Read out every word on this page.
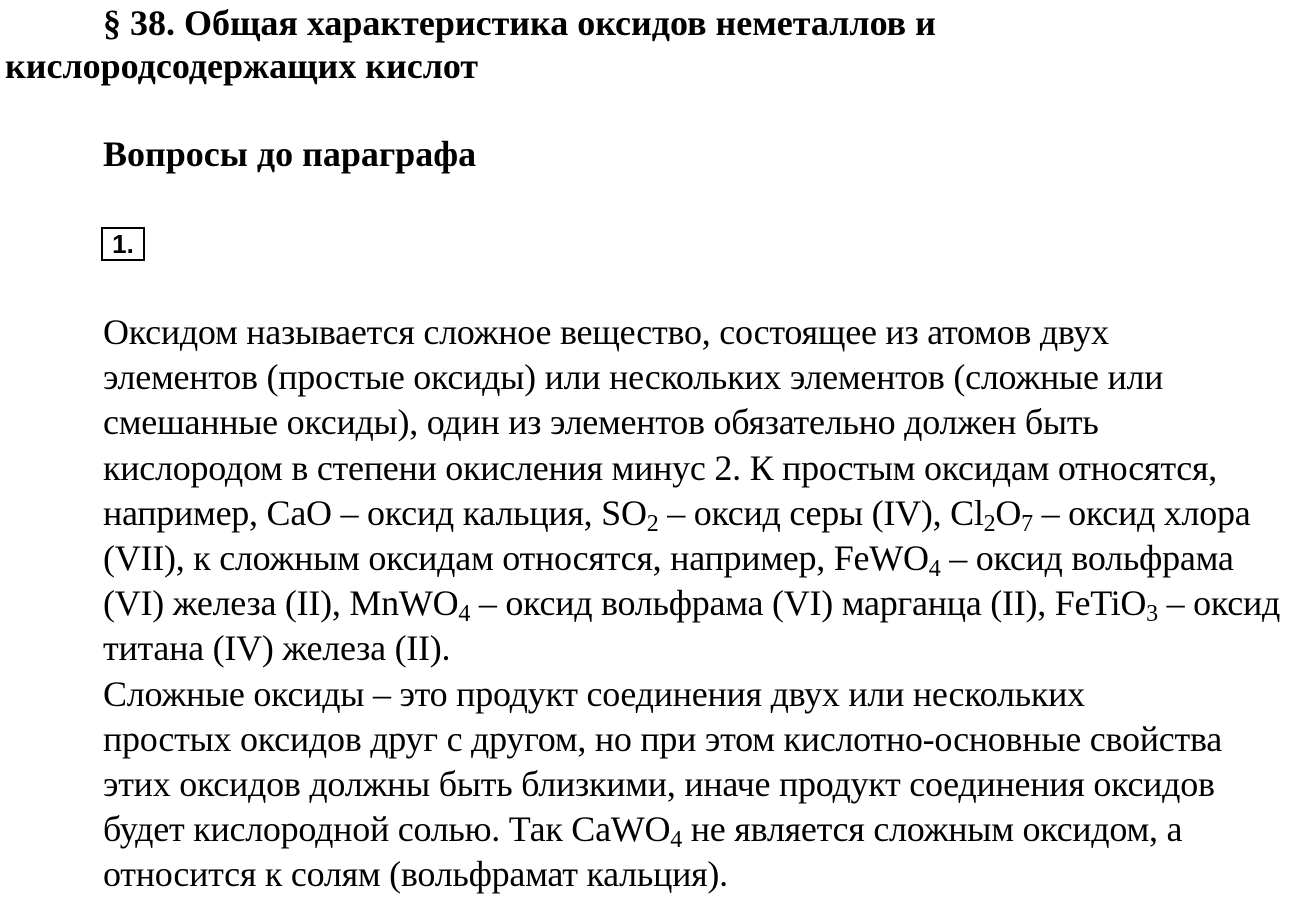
§ 38. Общая характеристика оксидов неметаллов и кислородсодержащих кислот
Вопросы до параграфа
1.

Оксидом называется сложное вещество, состоящее из атомов двух
элементов (простые оксиды) или нескольких элементов (сложные или
смешанные оксиды), один из элементов обязательно должен быть
кислородом в степени окисления минус 2. К простым оксидам относятся,
например, CaO – оксид кальция, $SO_2$ – оксид серы (IV), $Cl_2O_7$ – оксид хлора
(VII), к сложным оксидам относятся, например, FeWO$_4$ – оксид вольфрама
(VI) железа (II), MnWO$_4$ – оксид вольфрама (VI) марганца (II), FeTiO$_3$ – оксид
титана (IV) железа (II).

Сложные оксиды – это продукт соединения двух или нескольких
простых оксидов друг с другом, но при этом кислотно-основные свойства
этих оксидов должны быть близкими, иначе продукт соединения оксидов
будет кислородной солью. Так CaWO$_4$ не является сложным оксидом, а
относится к солям (вольфрамат кальция).
